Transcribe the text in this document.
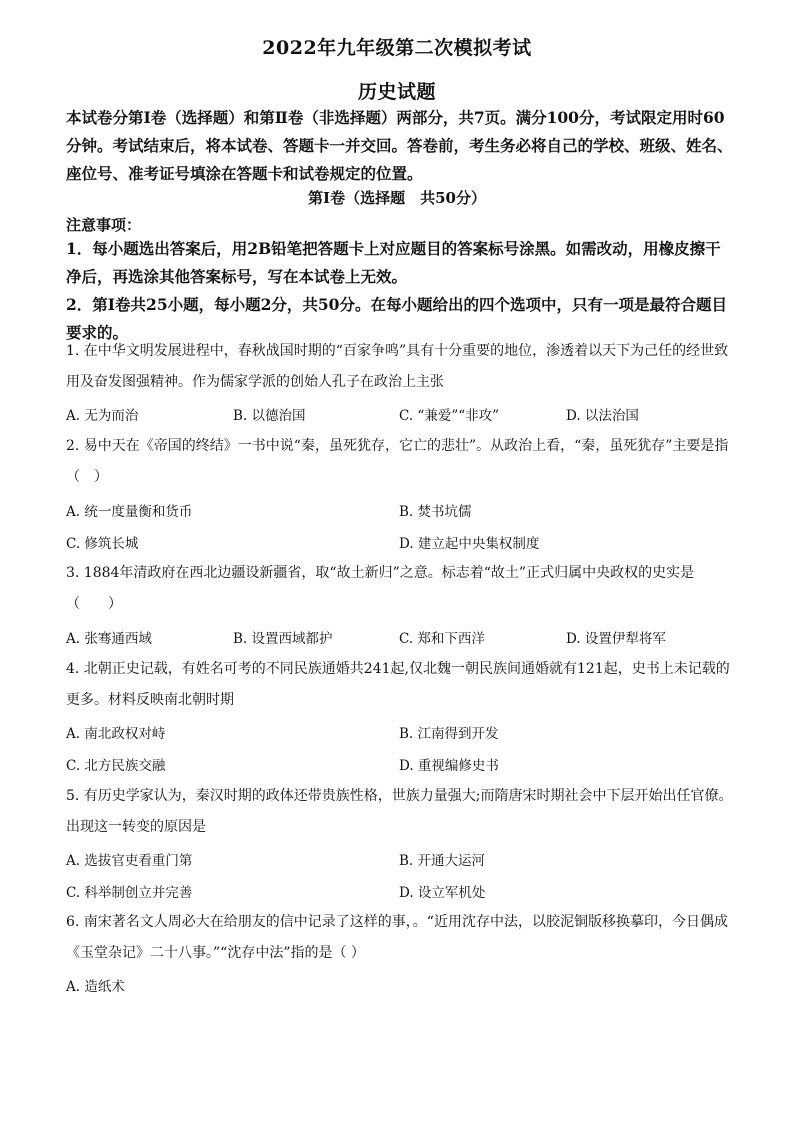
2022年九年级第二次模拟考试
历史试题
本试卷分第Ⅰ卷（选择题）和第Ⅱ卷（非选择题）两部分，共7页。满分100分，考试限定用时60分钟。考试结束后，将本试卷、答题卡一并交回。答卷前，考生务必将自己的学校、班级、姓名、座位号、准考证号填涂在答题卡和试卷规定的位置。
第Ⅰ卷（选择题　共50分）
注意事项：
1．每小题选出答案后，用2B铅笔把答题卡上对应题目的答案标号涂黑。如需改动，用橡皮擦干净后，再选涂其他答案标号，写在本试卷上无效。
2．第Ⅰ卷共25小题，每小题2分，共50分。在每小题给出的四个选项中，只有一项是最符合题目要求的。
1. 在中华文明发展进程中，春秋战国时期的“百家争鸣”具有十分重要的地位，渗透着以天下为己任的经世致用及奋发图强精神。作为儒家学派的创始人孔子在政治上主张
A. 无为而治	B. 以德治国	C. “兼爱”“非攻”	D. 以法治国
2. 易中天在《帝国的终结》一书中说“秦，虽死犹存，它亡的悲壮”。从政治上看，“秦，虽死犹存”主要是指（　）
A. 统一度量衡和货币	B. 焚书坑儒
C. 修筑长城	D. 建立起中央集权制度
3. 1884年清政府在西北边疆设新疆省，取“故土新归”之意。标志着“故土”正式归属中央政权的史实是（　　）
A. 张骞通西域	B. 设置西域都护	C. 郑和下西洋	D. 设置伊犁将军
4. 北朝正史记载，有姓名可考的不同民族通婚共241起,仅北魏一朝民族间通婚就有121起，史书上未记载的更多。材料反映南北朝时期
A. 南北政权对峙	B. 江南得到开发
C. 北方民族交融	D. 重视编修史书
5. 有历史学家认为，秦汉时期的政体还带贵族性格，世族力量强大;而隋唐宋时期社会中下层开始出任官僚。出现这一转变的原因是
A. 选拔官吏看重门第	B. 开通大运河
C. 科举制创立并完善	D. 设立军机处
6. 南宋著名文人周必大在给朋友的信中记录了这样的事，。“近用沈存中法，以胶泥铜版移换摹印，今日偶成《玉堂杂记》二十八事。”“沈存中法”指的是（ ）
A. 造纸术
